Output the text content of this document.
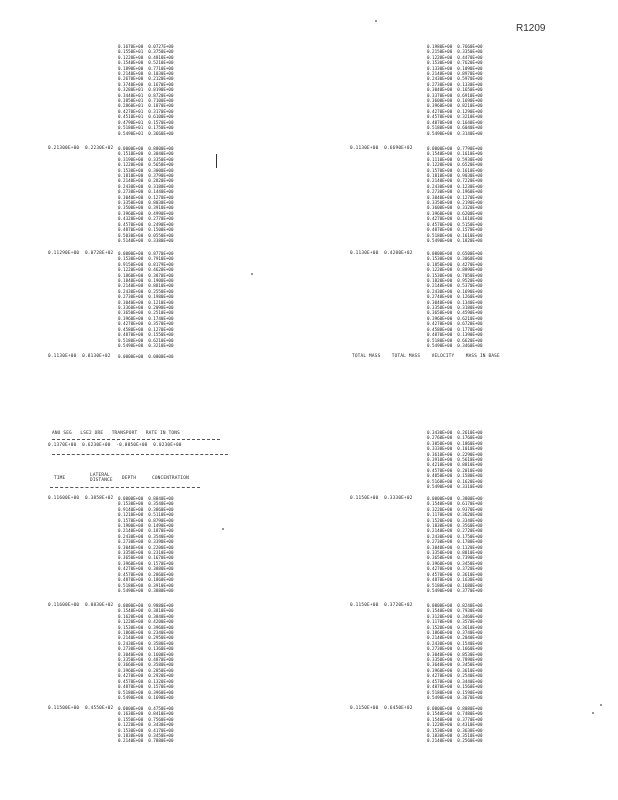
R1209
0.1670E+00  0.0727E+00
0.1550E+01  0.3750E+00
0.1220E+00  0.4810E+00
0.1540E+00  0.5210E+00
0.1890E+00  0.7710E+00
0.2140E+00  0.1030E+00
0.2670E+00  0.2120E+00
0.3740E+00  0.1670E+00
0.3280E+01  0.8190E+00
0.3440E+01  0.8720E+00
0.3850E+01  0.7100E+00
0.2860E+01  0.1870E+00
0.4270E+01  0.3170E+00
0.4510E+01  0.6100E+00
0.4790E+01  0.1570E+00
0.5180E+01  0.1750E+00
0.5490E+01  0.3660E+00
0.21300E+00  0.2230E+02 0.0000E+00  0.8800E+00
0.1510E+00  0.3040E+00
0.3190E+00  0.3350E+00
0.1220E+00  0.5650E+00
0.1530E+00  0.3000E+00
0.1810E+00  0.3790E+00
0.2140E+00  0.2820E+00
0.2430E+00  0.3180E+00
0.2730E+00  0.1440E+00
0.3040E+00  0.1270E+00
0.3350E+00  0.8030E+00
0.3500E+00  0.3910E+00
0.3960E+00  0.4990E+00
0.4320E+00  0.2770E+00
0.4570E+00  0.2490E+00
0.4870E+00  0.1500E+00
0.5030E+00  0.0550E+00
0.5140E+00  0.3380E+00
0.11290E+00  0.0728E+02 0.0000E+00  0.8770E+00
0.1530E+00  0.7910E+00
0.9150E+00  0.8179E+00
0.1220E+00  0.4620E+00
0.1860E+00  0.3870E+00
0.1840E+00  0.1900E+00
0.2140E+00  0.8810E+00
0.2430E+00  0.2550E+00
0.2730E+00  0.1980E+00
0.3040E+00  0.1210E+00
0.3360E+00  0.2090E+00
0.3650E+00  0.2510E+00
0.3960E+00  0.1740E+00
0.4270E+00  0.3570E+00
0.4580E+00  0.1270E+00
0.4870E+00  0.1550E+00
0.5180E+00  0.6210E+00
0.5490E+00  0.3210E+00
0.1130E+00  0.8130E+02 0.0000E+00  0.0000E+00
0.1980E+00  0.7660E+00
0.2150E+00  0.3350E+00
0.1220E+00  0.4470E+00
0.1530E+00  0.7620E+00
0.1330E+00  0.1090E+00
0.2140E+00  0.8970E+00
0.2430E+00  0.5970E+00
0.2730E+00  0.1330E+00
0.3040E+00  0.1650E+00
0.3370E+00  0.6910E+00
0.3600E+00  0.1690E+00
0.3960E+00  0.8210E+00
0.4270E+00  0.1290E+00
0.4570E+00  0.3210E+00
0.4870E+00  0.1640E+00
0.5180E+00  0.6040E+00
0.5490E+00  0.3140E+00
0.1130E+00  0.6690E+02	0.0000E+00  0.7790E+00
0.1540E+00  0.1610E+00
0.1110E+00  0.5930E+00
0.1220E+00  0.6520E+00
0.1570E+00  0.1610E+00
0.1810E+00  0.9030E+00
0.2140E+00  0.7220E+00
0.2430E+00  0.1230E+00
0.2730E+00  0.1960E+00
0.3040E+00  0.1270E+00
0.3350E+00  0.2190E+00
0.3600E+00  0.3320E+00
0.3960E+00  0.6200E+00
0.4270E+00  0.1610E+00
0.4570E+00  0.5150E+00
0.4870E+00  0.1570E+00
0.5180E+00  0.1610E+00
0.5490E+00  0.1820E+00
0.1130E+00  0.4200E+02	0.0000E+00  0.6500E+00
0.1530E+00  0.3060E+00
0.1850E+00  0.4270E+00
0.1220E+00  0.8890E+00
0.1530E+00  0.7050E+00
0.1820E+00  0.9520E+00
0.2140E+00  0.5370E+00
0.2430E+00  0.1690E+00
0.2740E+00  0.1260E+00
0.3040E+00  0.1340E+00
0.3350E+00  0.3180E+00
0.3650E+00  0.4590E+00
0.3960E+00  0.6210E+00
0.4270E+00  0.6720E+00
0.4580E+00  0.1770E+00
0.4870E+00  0.1390E+00
0.5180E+00  0.6620E+00
0.5490E+00  0.3460E+00
TOTAL MASS    TOTAL MASS    VELOCITY    MASS IN BASE
ANU SEG   LSE2 ORE   TRANSPORT   RATE IN TONS
0.1370E+00  0.6230E+00  -0.8850E+00  0.0230E+00
TIME
LATERAL
DISTANCE DEPTH	CONCENTRATION
0.11600E+00  0.3858E+02 0.0000E+00  0.8840E+00
0.1530E+00  0.3540E+00
0.9140E+00  0.3860E+00
0.1210E+00  0.5110E+00
0.1570E+00  0.8790E+00
0.1900E+00  0.1490E+00
0.2140E+00  0.1870E+00
0.2430E+00  0.3540E+00
0.2730E+00  0.3390E+00
0.3040E+00  0.2200E+00
0.3350E+00  0.2310E+00
0.3650E+00  0.1670E+00
0.3960E+00  0.1570E+00
0.4270E+00  0.3880E+00
0.4570E+00  0.2860E+00
0.4870E+00  0.1860E+00
0.5180E+00  0.3910E+00
0.5490E+00  0.3880E+00
0.11600E+00  0.0830E+02 0.0000E+00  0.9880E+00
0.1540E+00  0.3810E+00
0.1620E+00  0.3840E+00
0.1220E+00  0.4200E+00
0.1530E+00  0.3960E+00
0.1860E+00  0.2340E+00
0.2140E+00  0.2950E+00
0.2430E+00  0.3580E+00
0.2730E+00  0.1360E+00
0.3040E+00  0.1600E+00
0.3350E+00  0.4870E+00
0.3660E+00  0.3580E+00
0.3960E+00  0.2850E+00
0.4270E+00  0.2920E+00
0.4570E+00  0.1320E+00
0.4870E+00  0.1570E+00
0.5180E+00  0.3960E+00
0.5490E+00  0.1690E+00
0.11500E+00  0.4550E+02 0.0000E+00  0.4750E+00
0.1630E+00  0.8410E+00
0.1550E+00  0.7560E+00
0.1220E+00  0.3430E+00
0.1530E+00  0.4170E+00
0.1830E+00  0.3450E+00
0.2140E+00  0.7880E+00
0.3430E+00  0.2610E+00
0.2760E+00  0.1760E+00
0.3050E+00  0.1860E+00
0.3330E+00  0.1010E+00
0.3610E+00  0.2290E+00
0.3910E+00  0.5610E+00
0.4210E+00  0.8810E+00
0.4570E+00  0.2010E+00
0.4850E+00  0.1580E+00
0.5160E+00  0.1620E+00
0.5490E+00  0.3310E+00
0.1150E+00  0.3330E+02	0.0000E+00  0.3800E+00
0.1540E+00  0.6170E+00
0.3220E+00  0.9370E+00
0.1170E+00  0.3620E+00
0.1520E+00  0.3340E+00
0.1830E+00  0.3560E+00
0.2140E+00  0.2720E+00
0.2430E+00  0.1750E+00
0.2730E+00  0.1780E+00
0.3040E+00  0.1120E+00
0.3350E+00  0.8810E+00
0.3650E+00  0.7390E+00
0.3960E+00  0.3450E+00
0.4270E+00  0.3720E+00
0.4570E+00  0.3610E+00
0.4870E+00  0.1630E+00
0.5180E+00  0.1680E+00
0.5490E+00  0.3770E+00
0.1150E+00  0.3720E+02	0.0000E+00  0.8240E+00
0.1540E+00  0.7930E+00
0.3120E+00  0.3460E+00
0.1170E+00  0.3570E+00
0.1520E+00  0.3610E+00
0.1860E+00  0.3740E+00
0.2140E+00  0.2040E+00
0.2430E+00  0.1540E+00
0.2730E+00  0.1660E+00
0.3040E+00  0.8530E+00
0.3350E+00  0.7890E+00
0.3640E+00  0.3450E+00
0.3960E+00  0.3610E+00
0.4270E+00  0.2540E+00
0.4570E+00  0.3440E+00
0.4870E+00  0.1560E+00
0.5180E+00  0.1590E+00
0.5490E+00  0.3670E+00
0.1150E+00  0.6450E+02	0.0000E+00  0.8080E+00
0.1540E+00  0.7480E+00
0.1540E+00  0.3770E+00
0.1220E+00  0.4310E+00
0.1530E+00  0.3630E+00
0.1830E+00  0.3510E+00
0.2140E+00  0.2560E+00
